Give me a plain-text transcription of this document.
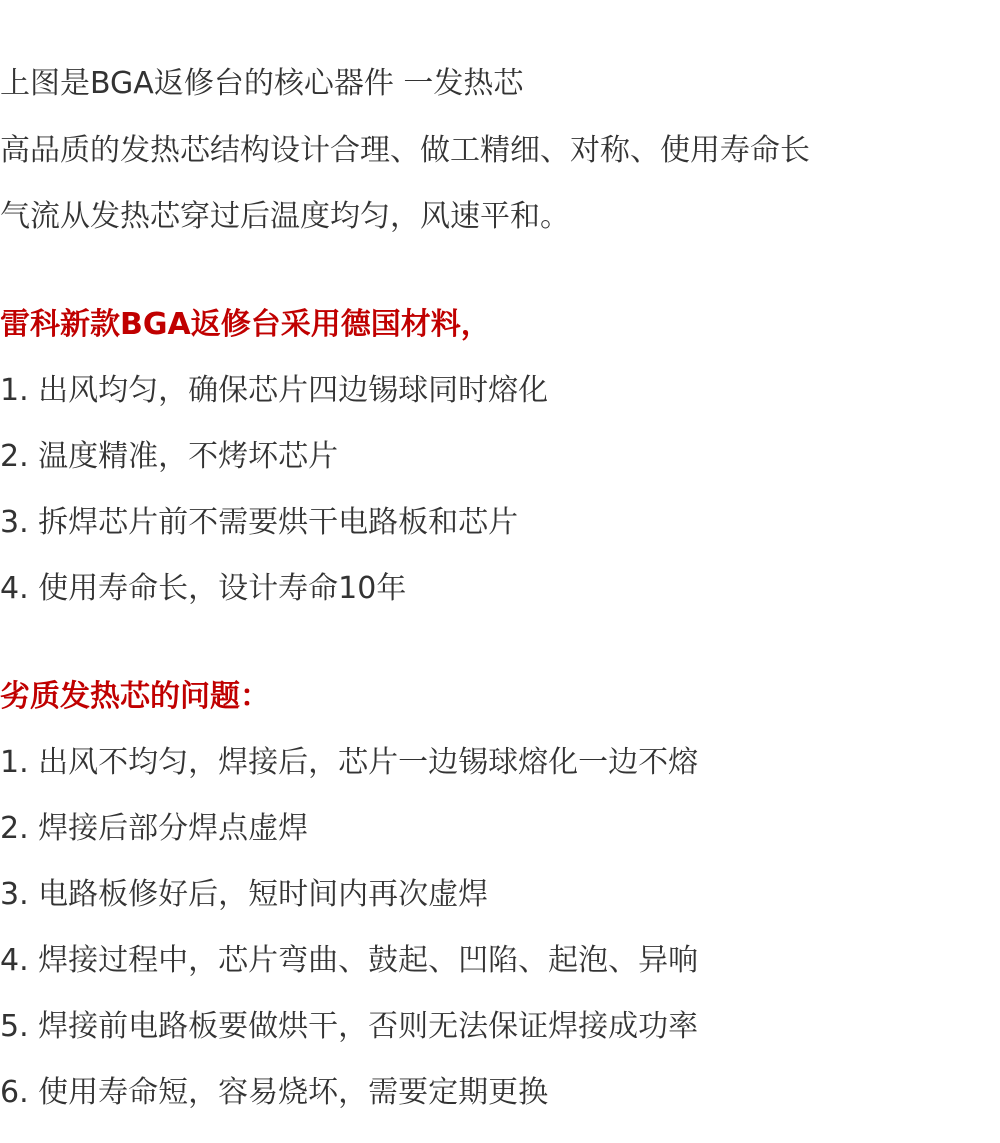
上图是BGA返修台的核心器件 一发热芯
高品质的发热芯结构设计合理、做工精细、对称、使用寿命长
气流从发热芯穿过后温度均匀，风速平和。
雷科新款BGA返修台采用德国材料，
1. 出风均匀，确保芯片四边锡球同时熔化
2. 温度精准，不烤坏芯片
3. 拆焊芯片前不需要烘干电路板和芯片
4. 使用寿命长，设计寿命10年
劣质发热芯的问题：
1. 出风不均匀，焊接后，芯片一边锡球熔化一边不熔
2. 焊接后部分焊点虚焊
3. 电路板修好后，短时间内再次虚焊
4. 焊接过程中，芯片弯曲、鼓起、凹陷、起泡、异响
5. 焊接前电路板要做烘干，否则无法保证焊接成功率
6. 使用寿命短，容易烧坏，需要定期更换
